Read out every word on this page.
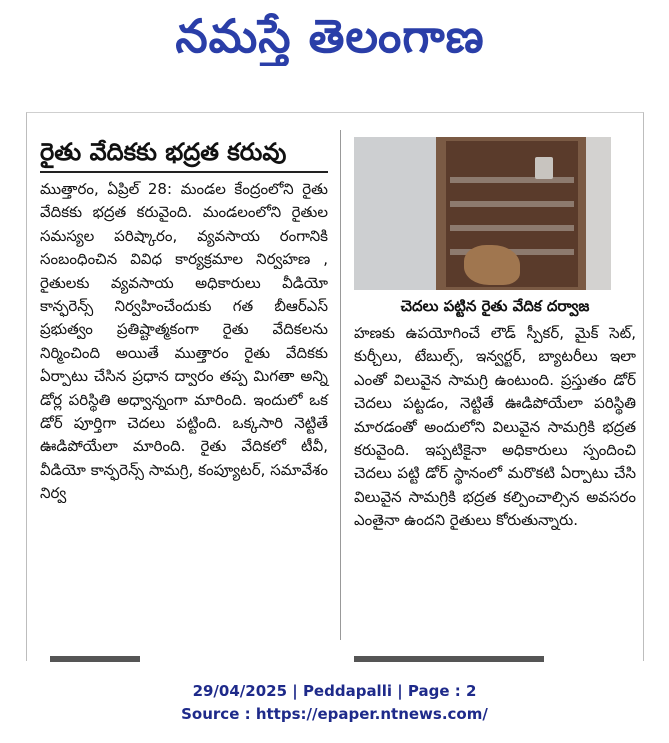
నమస్తే తెలంగాణ
రైతు వేదికకు భద్రత కరువు

ముత్తారం, ఏప్రిల్ 28: మండల కేంద్రంలోని రైతు వేదికకు భద్రత కరువైంది. మండలంలోని రైతుల సమస్యల పరిష్కారం, వ్యవసాయ రంగానికి సంబంధించిన వివిధ కార్యక్రమాల నిర్వహణ , రైతులకు వ్యవసాయ అధికారులు వీడియో కాన్ఫరెన్స్ నిర్వహించేందుకు గత బీఆర్ఎస్ ప్రభుత్వం ప్రతిష్టాత్మకంగా రైతు వేదికలను నిర్మించింది అయితే ముత్తారం రైతు వేదికకు ఏర్పాటు చేసిన ప్రధాన ద్వారం తప్ప మిగతా అన్ని డోర్ల పరిస్థితి అధ్వాన్నంగా మారింది. ఇందులో ఒక డోర్ పూర్తిగా చెదలు పట్టింది. ఒక్కసారి నెట్టితే ఊడిపోయేలా మారింది. రైతు వేదికలో టీవీ, వీడియో కాన్ఫరెన్స్ సామగ్రి, కంప్యూటర్, సమావేశం నిర్వ

చెదలు పట్టిన రైతు వేదిక దర్వాజ

హణకు ఉపయోగించే లౌడ్ స్పీకర్, మైక్ సెట్, కుర్చీలు, టేబుల్స్, ఇన్వర్టర్, బ్యాటరీలు ఇలా ఎంతో విలువైన సామగ్రి ఉంటుంది. ప్రస్తుతం డోర్ చెదలు పట్టడం, నెట్టితే ఊడిపోయేలా పరిస్థితి మారడంతో అందులోని విలువైన సామగ్రికి భద్రత కరువైంది. ఇప్పటికైనా అధికారులు స్పందించి చెదలు పట్టి డోర్ స్థానంలో మరొకటి ఏర్పాటు చేసి విలువైన సామగ్రికి భద్రత కల్పించాల్సిన అవసరం ఎంతైనా ఉందని రైతులు కోరుతున్నారు.

29/04/2025 | Peddapalli | Page : 2
Source : https://epaper.ntnews.com/
